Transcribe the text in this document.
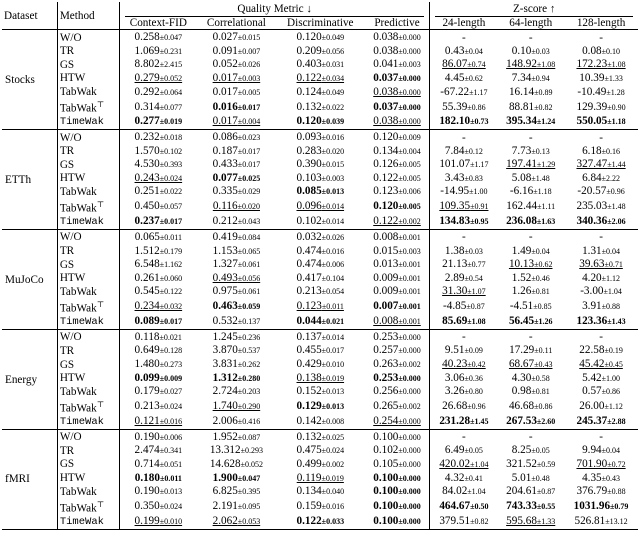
Dataset	Method	Quality Metric ↓				Z-score ↑		

		Context-FID	Correlational	Discriminative	Predictive	24-length	64-length	128-length
Stocks	W/O	0.258±0.047	0.027±0.015	0.120±0.049	0.038±0.000	-	-	-
	TR	1.069±0.231	0.091±0.007	0.209±0.056	0.038±0.000	0.43±0.04	0.10±0.03	0.08±0.10
	GS	8.802±2.415	0.052±0.026	0.403±0.031	0.041±0.003	86.07±0.74	148.92±1.08	172.23±1.08
	HTW	0.279±0.052	0.017±0.003	0.122±0.034	0.037±0.000	4.45±0.62	7.34±0.94	10.39±1.33
	TabWak	0.292±0.064	0.017±0.005	0.124±0.049	0.038±0.000	-67.22±1.17	16.14±0.89	-10.49±1.28
	TabWak⊤	0.314±0.077	0.016±0.017	0.132±0.022	0.037±0.000	55.39±0.86	88.81±0.82	129.39±0.90
	TimeWak	0.277±0.019	0.017±0.004	0.120±0.039	0.038±0.000	182.10±0.73	395.34±1.24	550.05±1.18
ETTh	W/O	0.232±0.018	0.086±0.023	0.093±0.016	0.120±0.009	-	-	-
	TR	1.570±0.102	0.187±0.017	0.283±0.020	0.134±0.004	7.84±0.12	7.73±0.13	6.18±0.16
	GS	4.530±0.393	0.433±0.017	0.390±0.015	0.126±0.005	101.07±1.17	197.41±1.29	327.47±1.44
	HTW	0.243±0.024	0.077±0.025	0.103±0.003	0.122±0.005	3.43±0.83	5.08±1.48	6.84±2.22
	TabWak	0.251±0.022	0.335±0.029	0.085±0.013	0.123±0.006	-14.95±1.00	-6.16±1.18	-20.57±0.96
	TabWak⊤	0.450±0.057	0.116±0.020	0.096±0.014	0.120±0.005	109.35±0.91	162.44±1.11	235.03±1.48
	TimeWak	0.237±0.017	0.212±0.043	0.102±0.014	0.122±0.002	134.83±0.95	236.08±1.63	340.36±2.06
MuJoCo	W/O	0.065±0.011	0.419±0.084	0.032±0.026	0.008±0.001	-	-	-
	TR	1.512±0.179	1.153±0.065	0.474±0.016	0.015±0.003	1.38±0.03	1.49±0.04	1.31±0.04
	GS	6.548±1.162	1.327±0.061	0.474±0.006	0.013±0.001	21.13±0.77	10.13±0.62	39.63±0.71
	HTW	0.261±0.060	0.493±0.056	0.417±0.104	0.009±0.001	2.89±0.54	1.52±0.46	4.20±1.12
	TabWak	0.545±0.122	0.975±0.061	0.213±0.054	0.009±0.001	31.30±1.07	1.26±0.81	-3.00±1.04
	TabWak⊤	0.234±0.032	0.463±0.059	0.123±0.011	0.007±0.001	-4.85±0.87	-4.51±0.85	3.91±0.88
	TimeWak	0.089±0.017	0.532±0.137	0.044±0.021	0.008±0.001	85.69±1.08	56.45±1.26	123.36±1.43
Energy	W/O	0.118±0.021	1.245±0.236	0.137±0.014	0.253±0.000	-	-	-
	TR	0.649±0.128	3.870±0.537	0.455±0.017	0.257±0.000	9.51±0.09	17.29±0.11	22.58±0.19
	GS	1.480±0.273	3.831±0.262	0.429±0.010	0.263±0.002	40.23±0.42	68.67±0.43	45.42±0.45
	HTW	0.099±0.009	1.312±0.280	0.138±0.019	0.253±0.000	3.06±0.36	4.30±0.58	5.42±1.00
	TabWak	0.179±0.027	2.724±0.203	0.152±0.013	0.256±0.000	3.26±0.80	0.98±0.81	0.57±0.86
	TabWak⊤	0.213±0.024	1.740±0.290	0.129±0.013	0.265±0.002	26.68±0.96	46.68±0.86	26.00±1.12
	TimeWak	0.121±0.016	2.006±0.416	0.142±0.008	0.254±0.000	231.28±1.45	267.53±2.60	245.37±2.88
fMRI	W/O	0.190±0.006	1.952±0.087	0.132±0.025	0.100±0.000	-	-	-
	TR	2.474±0.341	13.312±0.293	0.475±0.024	0.102±0.000	6.49±0.05	8.25±0.05	9.94±0.04
	GS	0.714±0.051	14.628±0.052	0.499±0.002	0.105±0.000	420.02±1.04	321.52±0.59	701.90±0.72
	HTW	0.180±0.011	1.900±0.047	0.119±0.019	0.100±0.000	4.32±0.41	5.01±0.48	4.35±0.43
	TabWak	0.190±0.013	6.825±0.395	0.134±0.040	0.100±0.000	84.02±1.04	204.61±0.87	376.79±0.88
	TabWak⊤	0.350±0.024	2.191±0.095	0.159±0.016	0.100±0.000	464.67±0.50	743.33±0.55	1031.96±0.79
	TimeWak	0.199±0.010	2.062±0.053	0.122±0.033	0.100±0.000	379.51±0.82	595.68±1.33	526.81±13.12
